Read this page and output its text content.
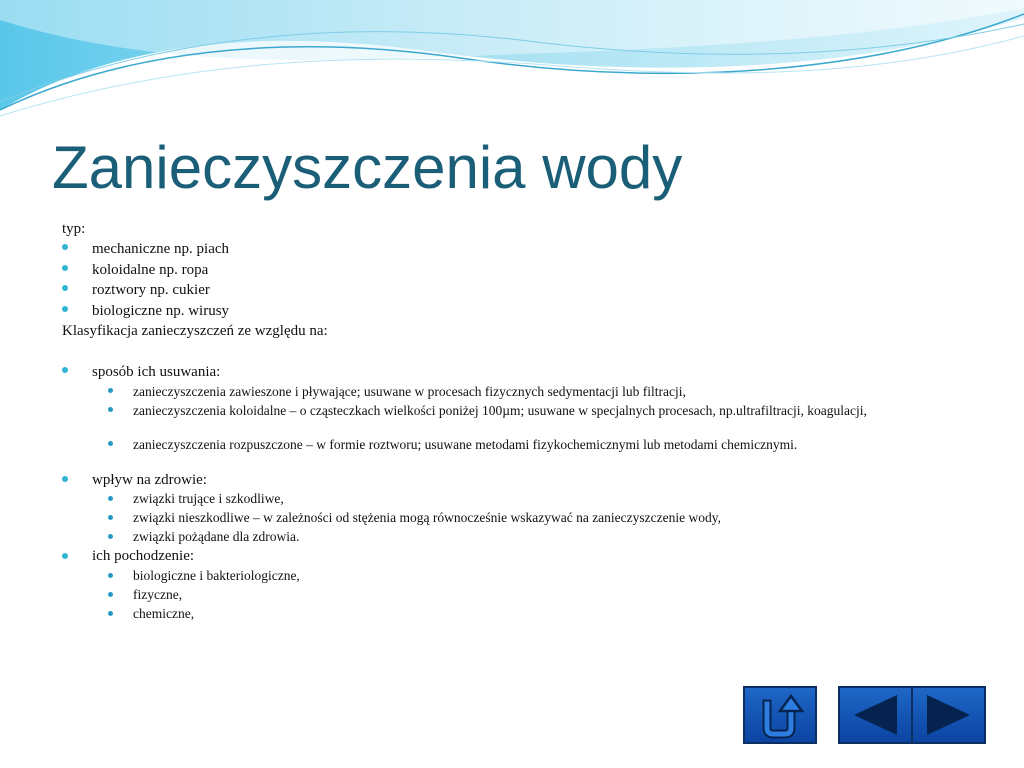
Zanieczyszczenia wody
typ:
mechaniczne np. piach
koloidalne np. ropa
roztwory np. cukier
biologiczne np. wirusy
Klasyfikacja zanieczyszczeń ze względu na:
sposób ich usuwania:
zanieczyszczenia zawieszone i pływające; usuwane w procesach fizycznych sedymentacji lub filtracji,
zanieczyszczenia koloidalne – o cząsteczkach wielkości poniżej 100µm; usuwane w specjalnych procesach, np.ultrafiltracji, koagulacji,
zanieczyszczenia rozpuszczone – w formie roztworu; usuwane metodami fizykochemicznymi lub metodami chemicznymi.
wpływ na zdrowie:
związki trujące i szkodliwe,
związki nieszkodliwe – w zależności od stężenia mogą równocześnie wskazywać na zanieczyszczenie wody,
związki pożądane dla zdrowia.
ich pochodzenie:
biologiczne i bakteriologiczne,
fizyczne,
chemiczne,
